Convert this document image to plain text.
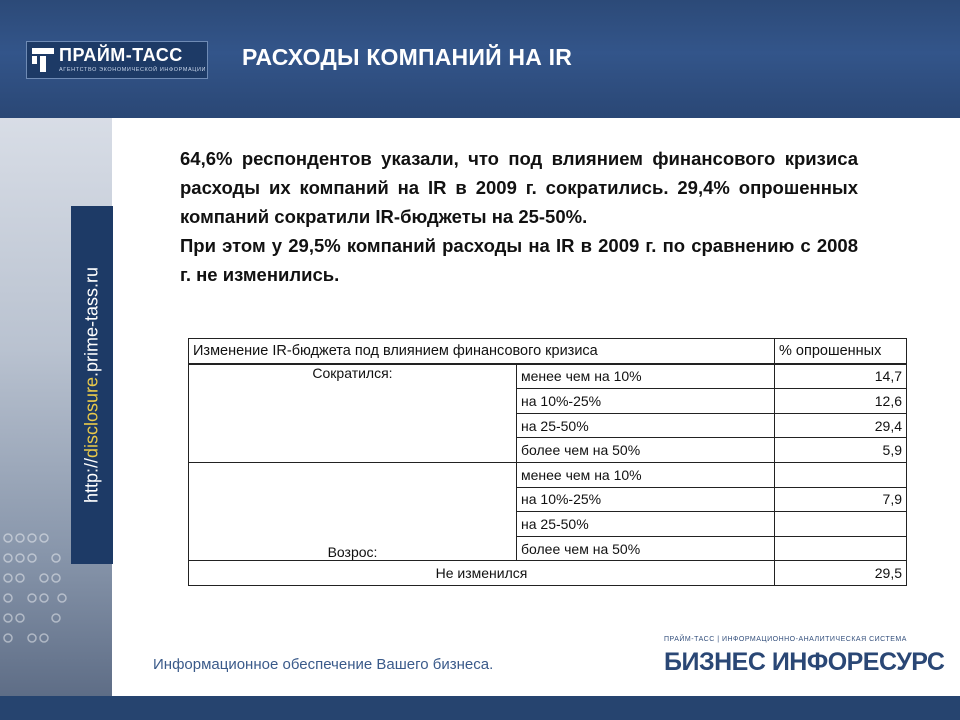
ПРАЙМ-ТАСС
АГЕНТСТВО ЭКОНОМИЧЕСКОЙ ИНФОРМАЦИИ РАСХОДЫ КОМПАНИЙ НА IR
http://disclosure.prime-tass.ru

64,6% респондентов указали, что под влиянием финансового кризиса расходы их компаний на IR в 2009 г. сократились. 29,4% опрошенных компаний сократили IR-бюджеты на 25-50%.

При этом у 29,5% компаний расходы на IR в 2009 г. по сравнению с 2008 г. не изменились.

Изменение IR-бюджета под влиянием финансового кризиса		% опрошенных
Сократился:	менее чем на 10%	14,7
	на 10%-25%	12,6
	на 25-50%	29,4
	более чем на 50%	5,9
Возрос:	менее чем на 10%	
	на 10%-25%	7,9
	на 25-50%	
	более чем на 50%	
Не изменился		29,5
Информационное обеспечение Вашего бизнеса.
ПРАЙМ-ТАСС | ИНФОРМАЦИОННО-АНАЛИТИЧЕСКАЯ СИСТЕМА
БИЗНЕС ИНФОРЕСУРС
